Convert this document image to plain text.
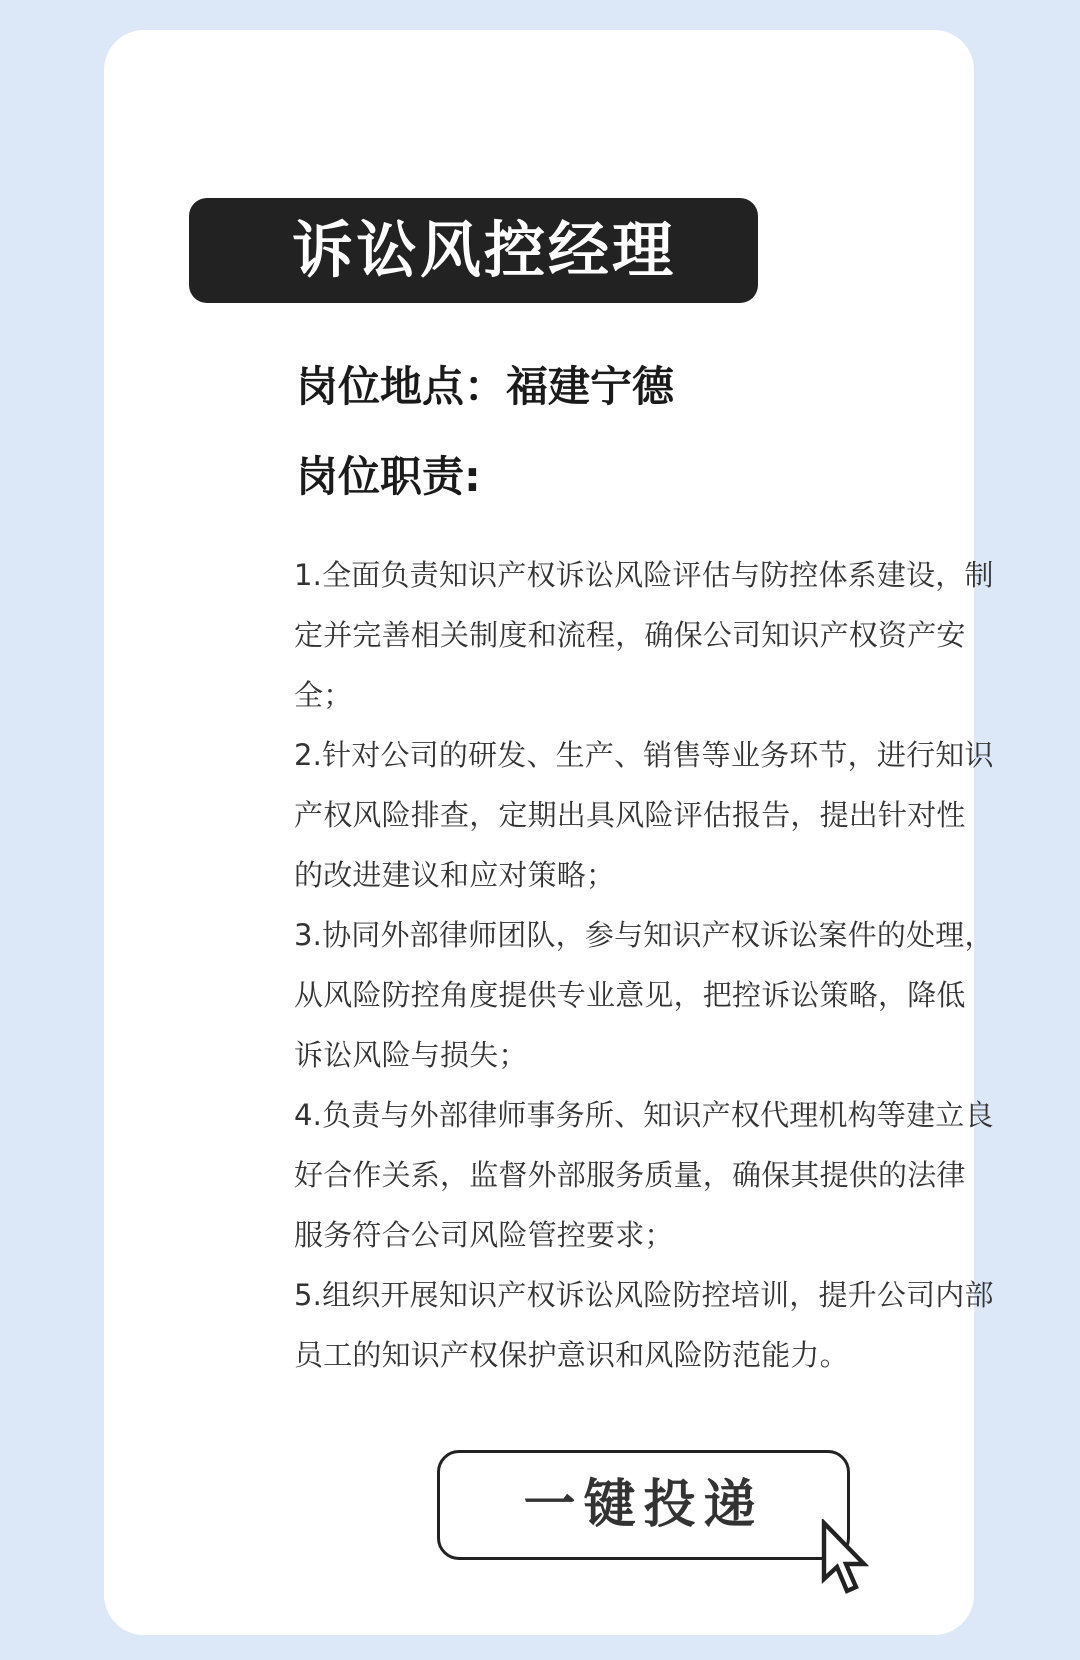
诉讼风控经理
岗位地点：福建宁德
岗位职责:
1.全面负责知识产权诉讼风险评估与防控体系建设，制定并完善相关制度和流程，确保公司知识产权资产安全；
2.针对公司的研发、生产、销售等业务环节，进行知识产权风险排查，定期出具风险评估报告，提出针对性的改进建议和应对策略；
3.协同外部律师团队，参与知识产权诉讼案件的处理，从风险防控角度提供专业意见，把控诉讼策略，降低诉讼风险与损失；
4.负责与外部律师事务所、知识产权代理机构等建立良好合作关系，监督外部服务质量，确保其提供的法律服务符合公司风险管控要求；
5.组织开展知识产权诉讼风险防控培训，提升公司内部员工的知识产权保护意识和风险防范能力。
一键投递
